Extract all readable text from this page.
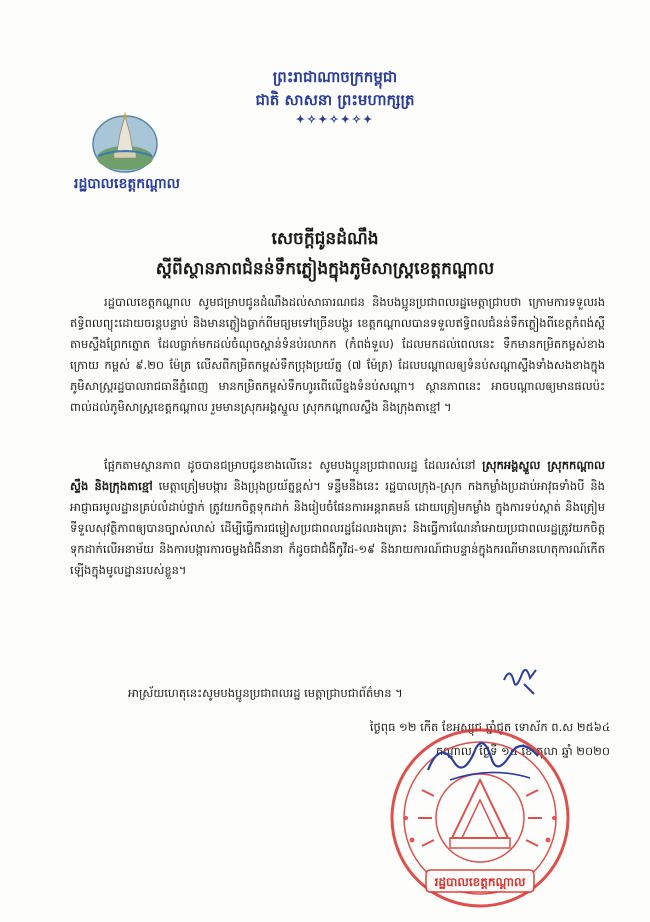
ព្រះរាជាណាចក្រកម្ពុជា
ជាតិ សាសនា ព្រះមហាក្សត្រ
✦✧✦✧✦✧✦
រដ្ឋបាលខេត្តកណ្តាល
សេចក្តីជូនដំណឹង
ស្តីពីស្ថានភាពជំនន់ទឹកភ្លៀងក្នុងភូមិសាស្ត្រខេត្តកណ្តាល
រដ្ឋបាលខេត្តកណ្តាល សូមជម្រាបជូនដំណឹងដល់សាធារណជន និងបងប្អូនប្រជាពលរដ្ឋមេត្តាជ្រាបថា ក្រោមការទទួលរងឥទ្ធិពលព្យុះដោយចរន្តបន្ទាប់ និងមានភ្លៀងធ្លាក់ពីមធ្យមទៅច្រើនបង្គួរ ខេត្តកណ្តាលបានទទួលឥទ្ធិពលជំនន់ទឹកភ្លៀងពីខេត្តកំពង់ស្ពឺ តាមស្ទឹងព្រែកត្នោត ដែលធ្លាក់មកដល់ចំណុចស្ពាន់ទំនប់រលាកក (កំពង់ទួល) ដែលមកដល់ពេលនេះ ទឹកមានកម្រិតកម្ពស់ខាងក្រោយ កម្ពស់ ៩.២០ ម៉ែត្រ លើសពីកម្រិតកម្ពស់ទឹកប្រុងប្រយ័ត្ន (៧ ម៉ែត្រ) ដែលបណ្តាលឲ្យទំនប់សណ្តាស្ទឹងទាំងសងខាងក្នុងភូមិសាស្ត្ររដ្ឋបាលរាជធានីភ្នំពេញ មានកម្រិតកម្ពស់ទឹកហូរពើលើខ្នងទំនប់សណ្តា។ ស្ថានភាពនេះ អាចបណ្តាលឲ្យមានផលប៉ះពាល់ដល់ភូមិសាស្ត្រខេត្តកណ្តាល រួមមានស្រុកអង្គស្នួល ស្រុកកណ្តាលស្ទឹង និងក្រុងតាខ្មៅ ។
ផ្អែកតាមស្ថានភាព ដូចបានជម្រាបជូនខាងលើនេះ សូមបងប្អូនប្រជាពលរដ្ឋ ដែលរស់នៅ ស្រុកអង្គស្នួល ស្រុកកណ្តាលស្ទឹង និងក្រុងតាខ្មៅ មេត្តាត្រៀមបង្ការ និងប្រុងប្រយ័ត្នខ្ពស់។ ទន្ទឹមនឹងនេះ រដ្ឋបាលក្រុង-ស្រុក កងកម្លាំងប្រដាប់អាវុធទាំងបី និងអាជ្ញាធរមូលដ្ឋានគ្រប់លំដាប់ថ្នាក់ ត្រូវយកចិត្តទុកដាក់ និងរៀបចំផែនការអន្តរាគមន៍ ដោយត្រៀមកម្លាំង ក្នុងការទប់ស្កាត់ និងត្រៀមទីទួលសុវត្ថិភាពឲ្យបានច្បាស់លាស់ ដើម្បីធ្វើការជម្លៀសប្រជាពលរដ្ឋដែលរងគ្រោះ និងធ្វើការណែនាំអោយប្រជាពលរដ្ឋត្រូវយកចិត្តទុកដាក់លើអនាម័យ និងការបង្ការការចម្លងជំងឺនានា ក៏ដូចជាជំងឺកូវីដ-១៩ និងរាយការណ៍ជាបន្ទាន់ក្នុងករណីមានហេតុការណ៍កើតឡើងក្នុងមូលដ្ឋានរបស់ខ្លួន។
អាស្រ័យហេតុនេះសូមបងប្អូនប្រជាពលរដ្ឋ មេត្តាជ្រាបជាព័ត៌មាន ។
ថ្ងៃពុធ ១២ កើត ខែអស្សុជ ឆ្នាំជូត ទោស័ក ព.ស ២៥៦៤
កណ្តាល, ថ្ងៃទី ១៤ ខែ តុលា ឆ្នាំ ២០២០
រដ្ឋបាលខេត្តកណ្តាល
